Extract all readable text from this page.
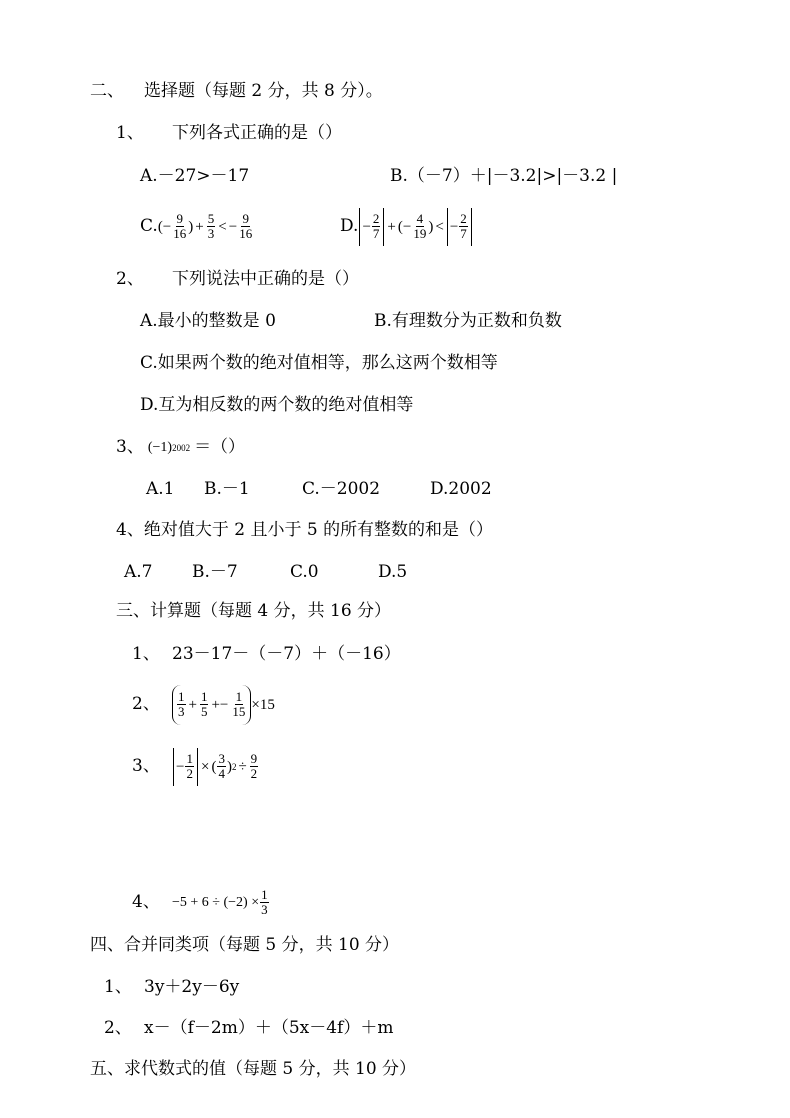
二、 选择题（每题 2 分，共 8 分）。
1、 下列各式正确的是（）
A.－27>－17	B.（－7）＋|－3.2|>|－3.2 |
C. (− $\frac{9}{16}$ ) + $\frac{5}{3}$ < − $\frac{9}{16}$	D. − $\frac{2}{7}$ + (− $\frac{4}{19}$ ) < − $\frac{2}{7}$
2、 下列说法中正确的是（）
A.最小的整数是 0	B.有理数分为正数和负数
C.如果两个数的绝对值相等，那么这两个数相等
D.互为相反数的两个数的绝对值相等
3、 (−1) 2002 ＝（）
A.1 B.－1	C.－2002	D.2002
4、绝对值大于 2 且小于 5 的所有整数的和是（）
A.7 B.－7	C.0	D.5
三、计算题（每题 4 分，共 16 分）
1、 23－17－（－7）＋（－16）
2、 $\frac{1}{3} + \frac{1}{5} +- \frac{1}{15} \times 15$
3、 − $\frac{1}{2}$ × ( $\frac{3}{4}$ ) $2 \div \frac{9}{2}$
4、 $-5 + 6 \div (-2) \times \frac{1}{3}$
四、合并同类项（每题 5 分，共 10 分）
1、 3y＋2y－6y
2、 x－（f－2m）＋（5x－4f）＋m
五、求代数式的值（每题 5 分，共 10 分）
